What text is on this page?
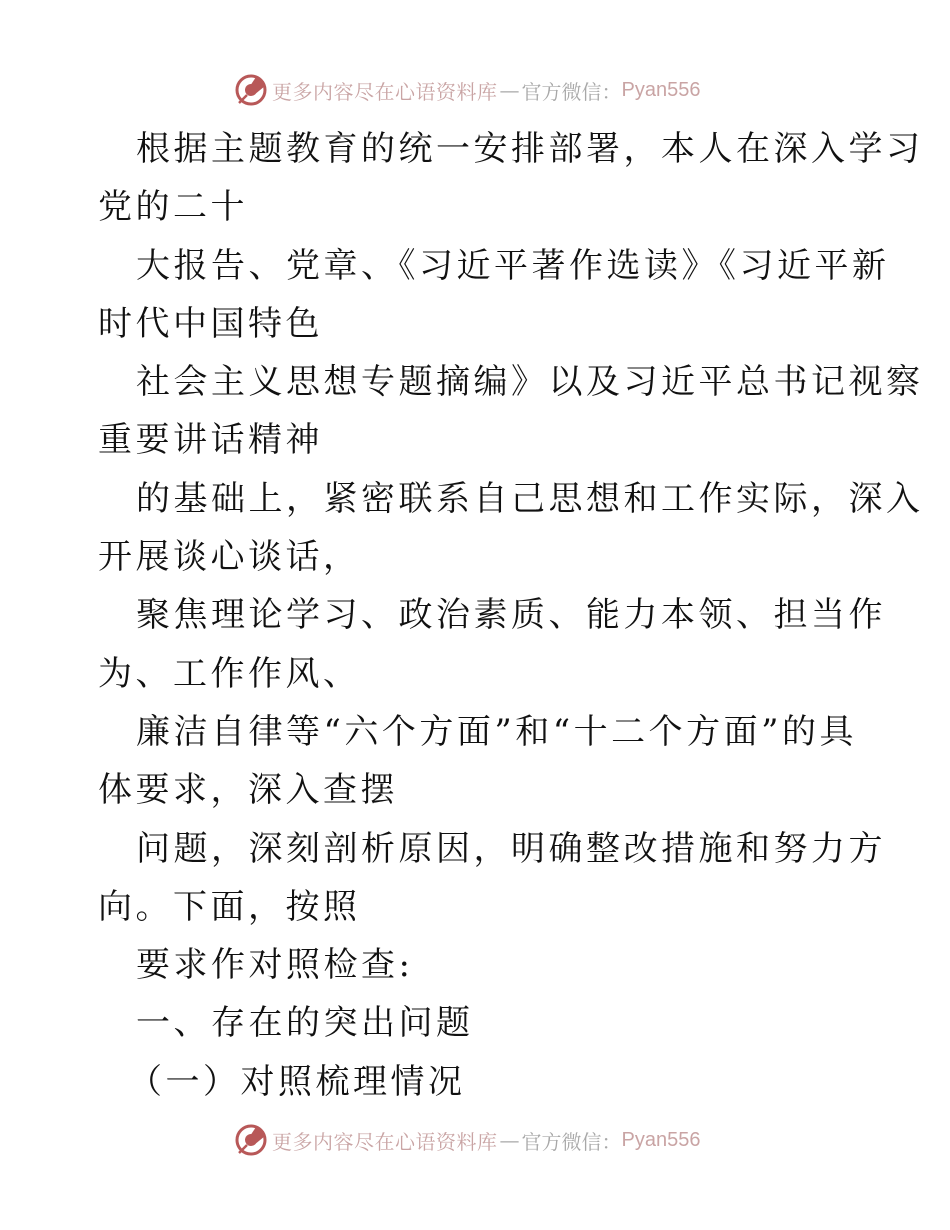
更多内容尽在心语资料库 — 官方微信： Pyan556
根据主题教育的统一安排部署，本人在深入学习
党的二十
大报告、党章、《习近平著作选读》《习近平新
时代中国特色
社会主义思想专题摘编》以及习近平总书记视察
重要讲话精神
的基础上，紧密联系自己思想和工作实际，深入
开展谈心谈话，
聚焦理论学习、政治素质、能力本领、担当作
为、工作作风、
廉洁自律等“六个方面”和“十二个方面”的具
体要求，深入查摆
问题，深刻剖析原因，明确整改措施和努力方
向。下面，按照
要求作对照检查:
一、存在的突出问题
（一）对照梳理情况
更多内容尽在心语资料库 — 官方微信： Pyan556
